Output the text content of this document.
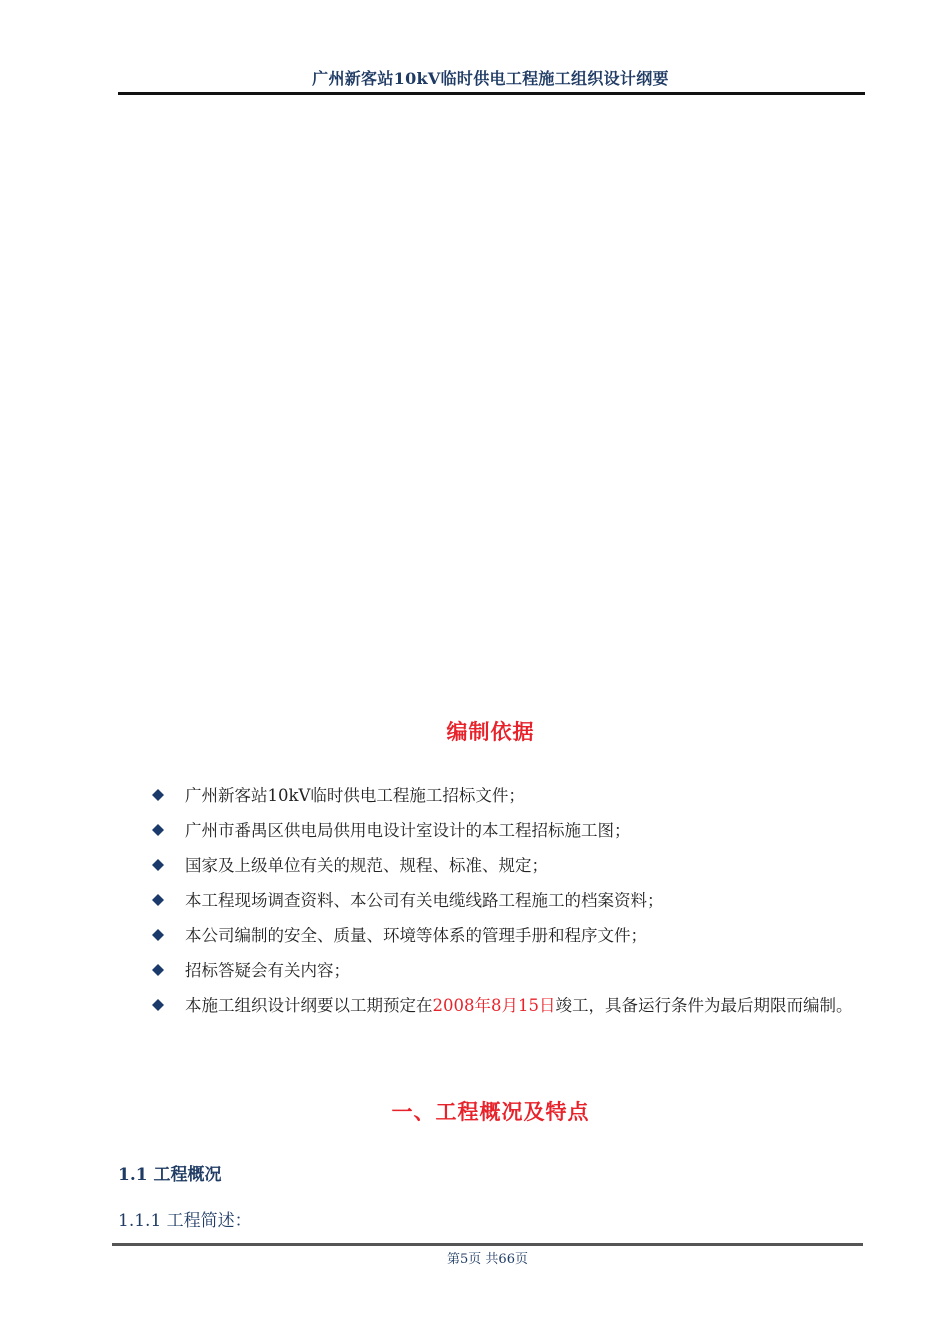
广州新客站10kV临时供电工程施工组织设计纲要
编制依据
广州新客站10kV临时供电工程施工招标文件；
广州市番禺区供电局供用电设计室设计的本工程招标施工图；
国家及上级单位有关的规范、规程、标准、规定；
本工程现场调查资料、本公司有关电缆线路工程施工的档案资料；
本公司编制的安全、质量、环境等体系的管理手册和程序文件；
招标答疑会有关内容；
本施工组织设计纲要以工期预定在2008年8月15日竣工，具备运行条件为最后期限而编制。
一、工程概况及特点
1.1 工程概况
1.1.1 工程简述：
第5页 共66页
